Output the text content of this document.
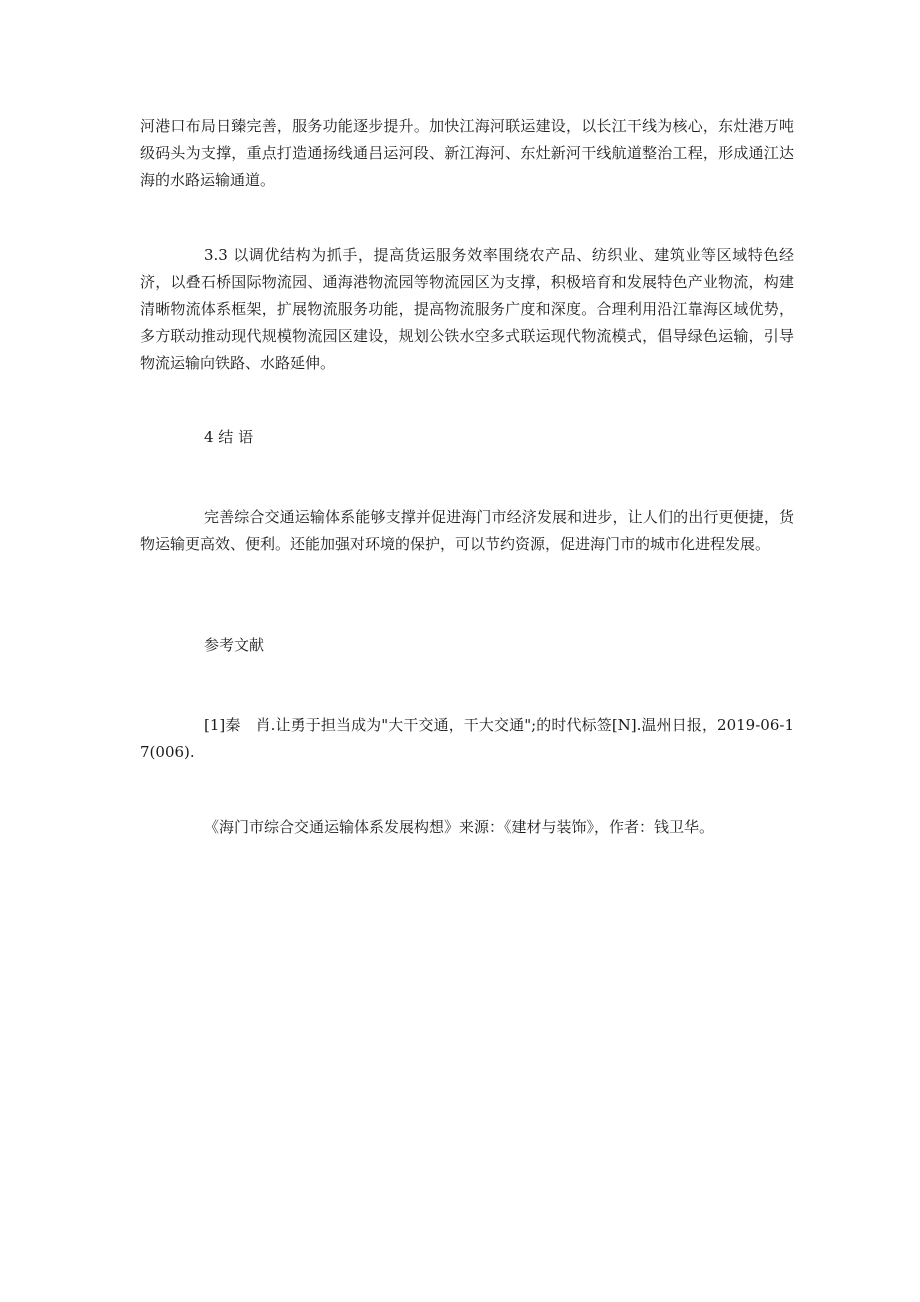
河港口布局日臻完善，服务功能逐步提升。加快江海河联运建设，以长江干线为核心，东灶港万吨级码头为支撑，重点打造通扬线通吕运河段、新江海河、东灶新河干线航道整治工程，形成通江达海的水路运输通道。

3.3 以调优结构为抓手，提高货运服务效率围绕农产品、纺织业、建筑业等区域特色经济，以叠石桥国际物流园、通海港物流园等物流园区为支撑，积极培育和发展特色产业物流，构建清晰物流体系框架，扩展物流服务功能，提高物流服务广度和深度。合理利用沿江靠海区域优势，多方联动推动现代规模物流园区建设，规划公铁水空多式联运现代物流模式，倡导绿色运输，引导物流运输向铁路、水路延伸。

4 结 语

完善综合交通运输体系能够支撑并促进海门市经济发展和进步，让人们的出行更便捷，货物运输更高效、便利。还能加强对环境的保护，可以节约资源，促进海门市的城市化进程发展。

参考文献

[1]秦　肖.让勇于担当成为"大干交通，干大交通";的时代标签[N].温州日报，2019-06-17(006).

《海门市综合交通运输体系发展构想》来源：《建材与装饰》，作者：钱卫华。
